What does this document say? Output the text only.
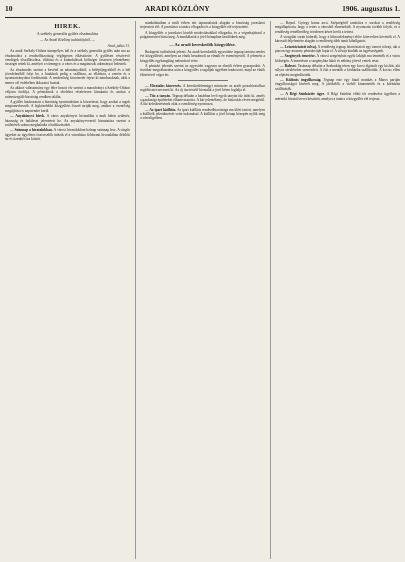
10	ARADI KÖZLÖNY	1906. augusztus 1.
HIREK.
A székely generális gyűlés elszámolása
— Az Aradi Közlöny tudósítójától. —

Arad, julius 31.

Az aradi Székely-Otthon ünnepélyes bál és a székely generális gyűlés után ma az elszámolást a rendezőbizottság véglegesen elkészítette. A gyűlésen résztvevő vendégek elszállásolása, ellátása és a kirándulások költségei összesen jelentékeny összeget tettek ki, amelyet a vármegye, a város és a magánosok adományai fedeztek.

Az elszámolás szerint a bevétel az adományokból, a belépőjegyekből és a bál jövedelméből folyt be, a kiadások pedig a szállásra, az ellátásra, a zenére és a nyomtatványokra fordíttattak. A rendezőség köszönetét fejezi ki mindazoknak, akik a nemes cél érdekében áldozatot hoztak.

Az akkori választmány egy félre hozott elv szerint a maradványt a Székely-Otthon céljaira fordítja. A pénztárnok a tételeket részletesen kimutatta és azokat a számvizsgáló bizottság rendben találta.

A gyűlés határozatait a bizottság nyomtatásban is közzéteszi, hogy azokat a tagok megismerhessék. A legközelebbi közgyűlést ősszel tartják meg, amikor a vezetőség megújítása is napirendre kerül.

— Anyakönyvi hírek. A város anyakönyvi hivatalába a mult héten születés, házasság és haláleset jelentetett be. Az anyakönyvvezető kimutatása szerint a születések száma meghaladta a halálozásokét.

— Szünnap a hivatalokban. A városi hivatalokban holnap szünnap lesz. A sürgős ügyeket az ügyeletes tisztviselők intézik el a városháza földszinti hivatalában délelőtt tíz és tizenkét óra között.

munkálataiban a múlt évben tett tapasztalatok alapján a bizottság javaslatot terjesztett elő. A javaslatot a tanács elfogadta és a közgyűlés elé terjesztette.

A közgyűlés a javaslatot kisebb módosításokkal elfogadta, és a végrehajtással a polgármestert bízta meg. A munkálatok a jövő hónapban kezdődnek meg.

— Az aradi kereskedők közgyűlése.

Budapesti tudósítónk jelenti: Az aradi kereskedők egyesülete tegnap tartotta rendes évi közgyűlését, amelyen az elnök beszámolt az elmúlt év eseményeiről. A jelentést a közgyűlés egyhangúlag tudomásul vette.

A pénztári jelentés szerint az egyesület vagyona az elmúlt évben gyarapodott. A tisztikar megválasztása után a közgyűlés a tagdíjak ügyében határozott, majd az elnök éltetésével véget ért.

— Hivatalos kinevezés. A kereskedelemügyi miniszter az aradi postahivatalhoz segédtisztet nevezett ki. Az új tisztviselő hivatalát a jövő héten foglalja el.

— Tűz a tanyán. Tegnap délután a határban levő egyik tanyán tűz ütött ki, amely a gazdasági épületeket elhamvasztotta. A kár jelentékeny, de biztosítás révén megtérül. A tűz keletkezésének okát a csendőrség nyomozza.

— Az ipari kiállítás. Az ipari kiállítás rendezőbizottsága ma ülést tartott, amelyen a kiállítók jelentkezését vette tudomásul. A kiállítás a jövő hónap közepén nyílik meg a városligetben.

— Rajzol. György barna arca. Szépségéről tanúsítva e sorokat a rendőrség megállapította, hogy a tettes a városból elmenekült. A nyomozás tovább folyik, és a rendőrség remélhetőleg rövidesen kézre keríti a tettest.

A vizsgálat során kiderült, hogy a bűncselekményt előre kitervelten követték el. A károsult feljelentése alapján a rendőrség több tanút kihallgatott.

— Letartóztatott tolvaj. A rendőrség tegnap letartóztatott egy ismert tolvajt, aki a piacon egy asszony pénztárcáját lopta el. A tolvajt átadták az ügyészségnek.

— Szegények temetése. A városi szegényház egyik lakóját ma temették el a város költségén. A temetésen a szegényház lakói és néhány jótevő vettek részt.

— Baleset. Vasárnap délután a Szabadság-téren egy kocsi elgázolt egy kisfiút, aki súlyos sérüléseket szenvedett. A fiút a mentők a kórházba szállították. A kocsis ellen az eljárást megindították.

— Különös öngyilkosság. Tegnap este egy fiatal munkás a Maros partján öngyilkosságot kísérelt meg. A járókelők a vízből kimentették és a kórházba szállították.

— A Régi Színháztér ügye. A Régi Színház előtti tér rendezése ügyében a mérnöki hivatal tervet készített, amelyet a tanács a közgyűlés elé terjeszt.
